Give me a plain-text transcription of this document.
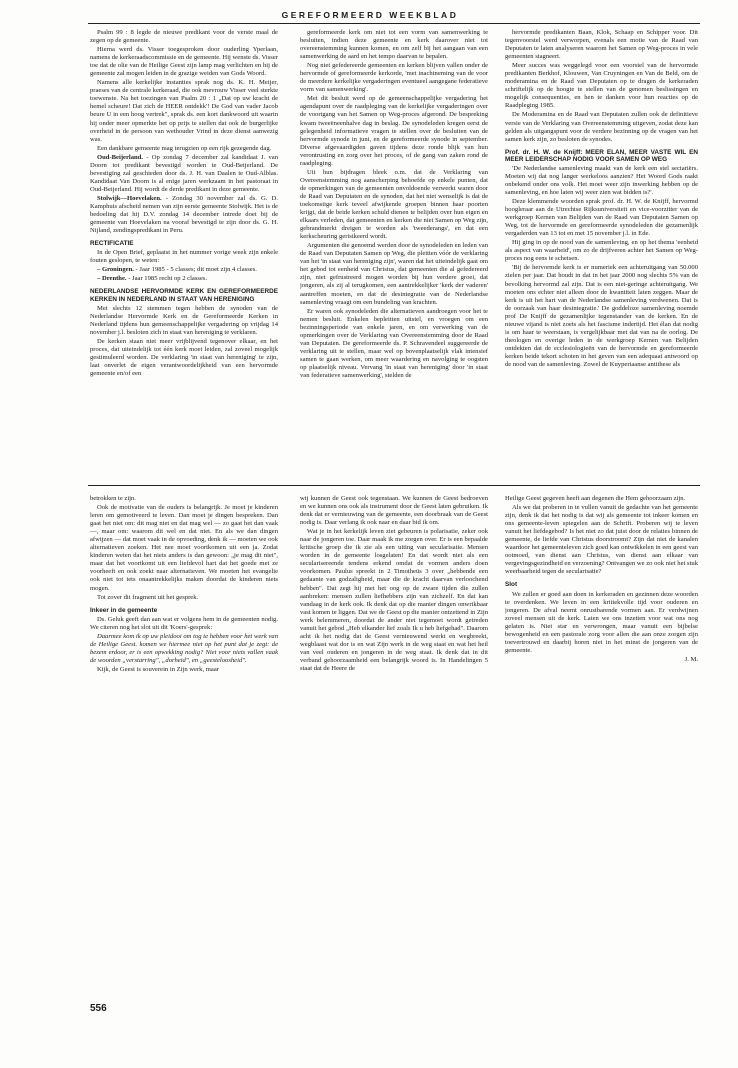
GEREFORMEERD WEEKBLAD

Psalm 99 : 8 legde de nieuwe predikant voor de verste maal de zegen op de gemeente.

Hierna werd ds. Visser toegesproken door ouderling Yperlaan, namens de kerkeraadscommissie en de gemeente. Hij wenste ds. Visser toe dat de olie van de Heilige Geest zijn lamp mag verlichten en hij de gemeente zal mogen leiden in de grazige weiden van Gods Woord.

Namens alle kerkelijke instanties sprak nog ds. K. H. Meijer, praeses van de centrale kerkeraad, die ook mevrouw Visser veel sterkte toewenste. Na het toezingen van Psalm 20 : 1 „Dat op uw kracht de hemel scheure! Dat zich de HEER ontdekk'! De God van vader Jacob beure U in een hoog vertrek", sprak ds. een kort dankwoord uit waarin hij onder meer opmerkte het op prijs te stellen dat ook de burgerlijke overheid in de persoon van wethouder Vrind in deze dienst aanwezig was.

Een dankbare gemeente mag terugzien op een rijk gezegende dag.

Oud-Beijerland. - Op zondag 7 december zal kandidaat J. van Doorn tot predikant bevestigd worden te Oud-Beijerland. De bevestiging zal geschieden door ds. J. H. van Daalen te Oud-Alblas. Kandidaat Van Doorn is al enige jaren werkzaam in het pastoraat in Oud-Beijerland. Hij wordt de derde predikant in deze gemeente.

Stolwijk—Hoevelaken. - Zondag 30 november zal ds. G. D. Kamphuis afscheid nemen van zijn eerste gemeente Stolwijk. Het is de bedoeling dat hij D.V. zondag 14 december intrede doet bij de gemeente van Hoevelaken na vooraf bevestigd te zijn door ds. G. H. Nijland, zendingspredikant in Peru.

RECTIFICATIE

In de Open Brief, geplaatst in het nummer vorige week zijn enkele fouten geslopen, te weten:

– Groningen. - Jaar 1985 - 5 classes; dit moet zijn 4 classes.

– Drenthe. - Jaar 1985 recht op 2 classes.

NEDERLANDSE HERVORMDE KERK EN GEREFORMEERDE KERKEN IN NEDERLAND IN STAAT VAN HERENIGING

Met slechts 12 stemmen tegen hebben de synoden van de Nederlandse Hervormde Kerk en de Gereformeerde Kerken in Nederland tijdens hun gemeenschappelijke vergadering op vrijdag 14 november j.l. besloten zich in staat van hereniging te verklaren.

De kerken staan niet meer vrijblijvend tegenover elkaar, en het proces, dat uiteindelijk tot één kerk moet leiden, zal zoveel mogelijk gestimuleerd worden. De verklaring 'in staat van hereniging' te zijn, laat onverlet de eigen verantwoordelijkheid van een hervormde gemeente en/of een

gereformeerde kerk om niet tot een vorm van samenwerking te besluiten, indien deze gemeente en kerk daarover niet tot overeenstemming kunnen komen, en om zelf bij het aangaan van een samenwerking de aard en het tempo daarvan te bepalen.

Nog niet gefedereerde gemeenten en kerken blijven vallen onder de hervormde of gereformeerde kerkorde, 'met inachtneming van de voor de meerdere kerkelijke vergaderingen eventueel aangegane federatieve vorm van samenwerking'.

Met dit besluit werd op de gemeenschappelijke vergadering het agendapunt over de raadpleging van de kerkelijke vergaderingen over de voortgang van het Samen op Weg-proces afgerond. De bespreking kwam tweeëneenhalve dag in beslag. De synodeleden kregen eerst de gelegenheid informatieve vragen te stellen over de besluiten van de hervormde synode in juni, en de gereformeerde synode in september. Diverse afgevaardigden gaven tijdens deze ronde blijk van hun verontrusting en zorg over het proces, of de gang van zaken rond de raadpleging.

Uit hun bijdragen bleek o.m. dat de Verklaring van Overeenstemming nog aanscherping behoefde op enkele punten, dat de opmerkingen van de gemeenten onvoldoende verwerkt waren door de Raad van Deputaten en de synoden, dat het niet wenselijk is dat de toekomstige kerk teveel afwijkende groepen binnen haar poorten krijgt, dat de beide kerken schuld dienen te belijden over hun eigen en elkaars verleden, dat gemeenten en kerken die niet Samen op Weg zijn, gebrandmerkt dreigen te worden als 'tweederangs', en dat een kerkscheuring gerisikeerd wordt.

Argumenten die genoemd werden door de synodeleden en leden van de Raad van Deputaten Samen op Weg, die pleitten vóór de verklaring van het 'in staat van hereniging zijn', waren dat het uiteindelijk gaat om het gebod tot eenheid van Christus, dat gemeenten die al gefedereerd zijn, niet gefrustreerd mogen worden bij hun verdere groei, dat jongeren, als zij al terugkomen, een aantrekkelijker 'kerk der vaderen' aantreffen moeten, en dat de desintegratie van de Nederlandse samenleving vraagt om een bundeling van krachten.

Er waren ook synodeleden die alternatieven aandroegen voor het te nemen besluit. Enkelen bepleitten uitstel, en vroegen om een bezinningsperiode van enkele jaren, en om verwerking van de opmerkingen over de Verklaring van Overeenstemming door de Raad van Deputaten. De gereformeerde ds. P. Schravendeel suggereerde de verklaring uit te stellen, maar wel op bovenplaatselijk vlak intensief samen te gaan werken, om meer waardering en navolging te oogsten op plaatselijk niveau. Vervang 'in staat van hereniging' door 'in staat van federatieve samenwerking', stelden de

hervormde predikanten Baan, Klok, Schaap en Schipper voor. Dit tegenvoorstel werd verworpen, evenals een motie van de Raad van Deputaten te laten analyseren waarom het Samen op Weg-proces in vele gemeenten stagneert.

Meer succes was weggelegd voor een voorstel van de hervormde predikanten Berkhof, Klouwen, Van Cruyningen en Van de Beld, om de moderamina en de Raad van Deputaten op te dragen de kerkeraden schriftelijk op de hoogte te stellen van de genomen beslissingen en mogelijk consequenties, en hen te danken voor hun reacties op de Raadpleging 1985.

De Moderamina en de Raad van Deputaten zullen ook de definitieve versie van de Verklaring van Overeenstemming uitgeven, zodat deze kan gelden als uitgangspunt voor de verdere bezinning op de vragen van het samen kerk zijn, zo besloten de synodes.

Prof. dr. H. W. de Knijff: MEER ELAN, MEER VASTE WIL EN MEER LEIDERSCHAP NODIG VOOR SAMEN OP WEG

'De Nederlandse samenleving maakt van de kerk een stel sectariërs. Moeten wij dat nog langer werkeloos aanzien? Het Woord Gods raakt onbekend onder ons volk. Het moet weer zijn inwerking hebben op de samenleving, en hoe laten wij weer zien wat bidden is?'.

Deze klemmende woorden sprak prof. dr. H. W. de Knijff, hervormd hoogleraar aan de Utrechtse Rijksuniversiteit en vice-voorzitter van de werkgroep Kernen van Belijden van de Raad van Deputaten Samen op Weg, tot de hervormde en gereformeerde synodeleden die gezamenlijk vergaderden van 13 tot en met 15 november j.l. in Ede.

Hij ging in op de nood van de samenleving, en op het thema 'eenheid als aspect van waarheid', om zo de drijfveren achter het Samen op Weg-proces nog eens te schetsen.

'Bij de hervormde kerk is er numeriek een achteruitgang van 50.000 zielen per jaar. Dat houdt in dat in het jaar 2000 nog slechts 5% van de bevolking hervormd zal zijn. Dat is een niet-geringe achteruitgang. We moeten ons echter niet alleen door de kwantiteit laten zeggen. Maar de kerk is uit het hart van de Nederlandse samenleving verdwenen. Dat is de oorzaak van haar desintegratie.' De goddeloze samenleving noemde prof De Knijff de gezamenlijke tegenstander van de kerken. En de nieuwe vijand is niet zoets als het fascisme indertijd. Het élan dat nodig is om haar te weerstaan, is vergelijkbaar met dat van na de oorlog. De theologen en overige leden in de werkgroep Kernen van Belijden ontdekten dat de ecclesiologieën van de hervormde en gereformeerde kerken beide tekort schoten in het geven van een adequaat antwoord op de nood van de samenleving. Zowel de Kuyperiaanse antithese als

betrokken te zijn.

Ook de motivatie van de ouders is belangrijk. Je moet je kinderen leren om gemotiveerd te leven. Dan moet je dingen bespreken. Dan gaat het niet om: dit mag niet en dat mag wel — zo gaat het dan vaak —, maar om: waarom dit wel en dat niet. En als we dan dingen afwijzen — dat moet vaak in de opvoeding, denk ik — moeten we ook alternatieven zoeken. Het nee moet voortkomen uit een ja. Zodat kinderen weten dat het niets anders is dan gewoon: „je mag dit niet", maar dat het voortkomt uit een liefdevol hart dat het goede met ze voorheeft en ook zoekt naar alternatieven. We moeten het evangelie ook niet tot iets onaantrekkelijks maken doordat de kinderen niets mogen.

Tot zover dit fragment uit het gesprek.

Inkeer in de gemeente

Ds. Geluk geeft dan aan wat er volgens hem in de gemeenten nodig. We citeren nog het slot uit dit 'Koers'-gesprek:

Daarmee kom ik op uw pleidooi om tog te hebben voor het werk van de Heilige Geest. komen we hiermee niet op het punt dat je zegt: de bezem erdoor, er is een opwekking nodig? Niet voor niets vallen vaak de woorden „verstarring", „dorheid", en „geesteloosheid".

Kijk, de Geest is souverein in Zijn werk, maar

wij kunnen de Geest ook tegenstaan. We kunnen de Geest bedroeven en we kunnen ons ook als instrument door de Geest laten gebruiken. Ik denk dat er vernieuwing van de gemeente, een doorbraak van de Geest nodig is. Daar verlang ik ook naar en daar bid ik om.

Wat je in het kerkelijk leven ziet gebeuren is polarisatie, zeker ook naar de jongeren toe. Daar maak ik me zorgen over. Er is een bepaalde kritische groep die ik zie als een uiting van secularisatie. Mensen worden in de gemeente losgelaten! En dat wordt niet als een secularisereende tendens erkend omdat de vormen anders doen voorkomen. Paulus spreekt in 2 Timotheüs 3 over „hebbende een gedaante van godzaligheid, maar die de kracht daarvan verloochend hebben". Dat zegt hij met het oog op de zware tijden die zullen aanbreken: mensen zullen liefhebbers zijn van zichzelf. En dat kan vandaag in de kerk ook. Ik denk dat op die manier dingen onwrikbaar vast komen te liggen. Dat we de Geest op die manier ontzettend in Zijn werk belemmeren, doordat de ander niet tegemoet wordt getreden vanuit het gebod „Heb elkander lief zoals Ik u heb liefgehad". Daarom acht ik het nodig dat de Geest vernieuwend werkt en wegbreekt, wegblaast wat dor is en wat Zijn werk in de weg staat en wat het heil van veel ouderen en jongeren in de weg staat. Ik denk dat in dit verband gehoorzaamheid een belangrijk woord is. In Handelingen 5 staat dat de Heere de

Heilige Geest gegeven heeft aan degenen die Hem gehoorzaam zijn.

Als we dat proberen in te vullen vanuit de gedachte van het gemeente zijn, denk ik dat het nodig is dat wij als gemeente tot inkeer komen en ons gemeente-leven spiegelen aan de Schrift. Proberen wij te leven vanuit het liefdegebod? Is het niet zo dat juist door de relaties binnen de gemeente, de liefde van Christus doorstroomt? Zijn dat niet de kanalen waardoor het gemeenteleven zich goed kan ontwikkelen in een geest van ootmoed, van dienst aan Christus, van dienst aan elkaar van vergevingsgezindheid en verzoening? Ontvangen we zo ook niet het stuk weerbaarheid tegen de secularisatie?

Slot

We zullen er goed aan doen in kerkeraden en gezinnen deze woorden te overdenken. We leven in een kritiekvolle tijd voor ouderen en jongeren. De afval neemt onrustbarende vormen aan. Er verdwijnen zoveel mensen uit de kerk. Laten we ons inzetten voor wat ons nog gelaten is. Niet star en verwrongen, maar vanuit een bijbelse bewogenheid en een pastorale zorg voor allen die aan onze zorgen zijn toevertrouwd en daarbij horen niet in het minst de jongeren van de gemeente.

J. M.

556
